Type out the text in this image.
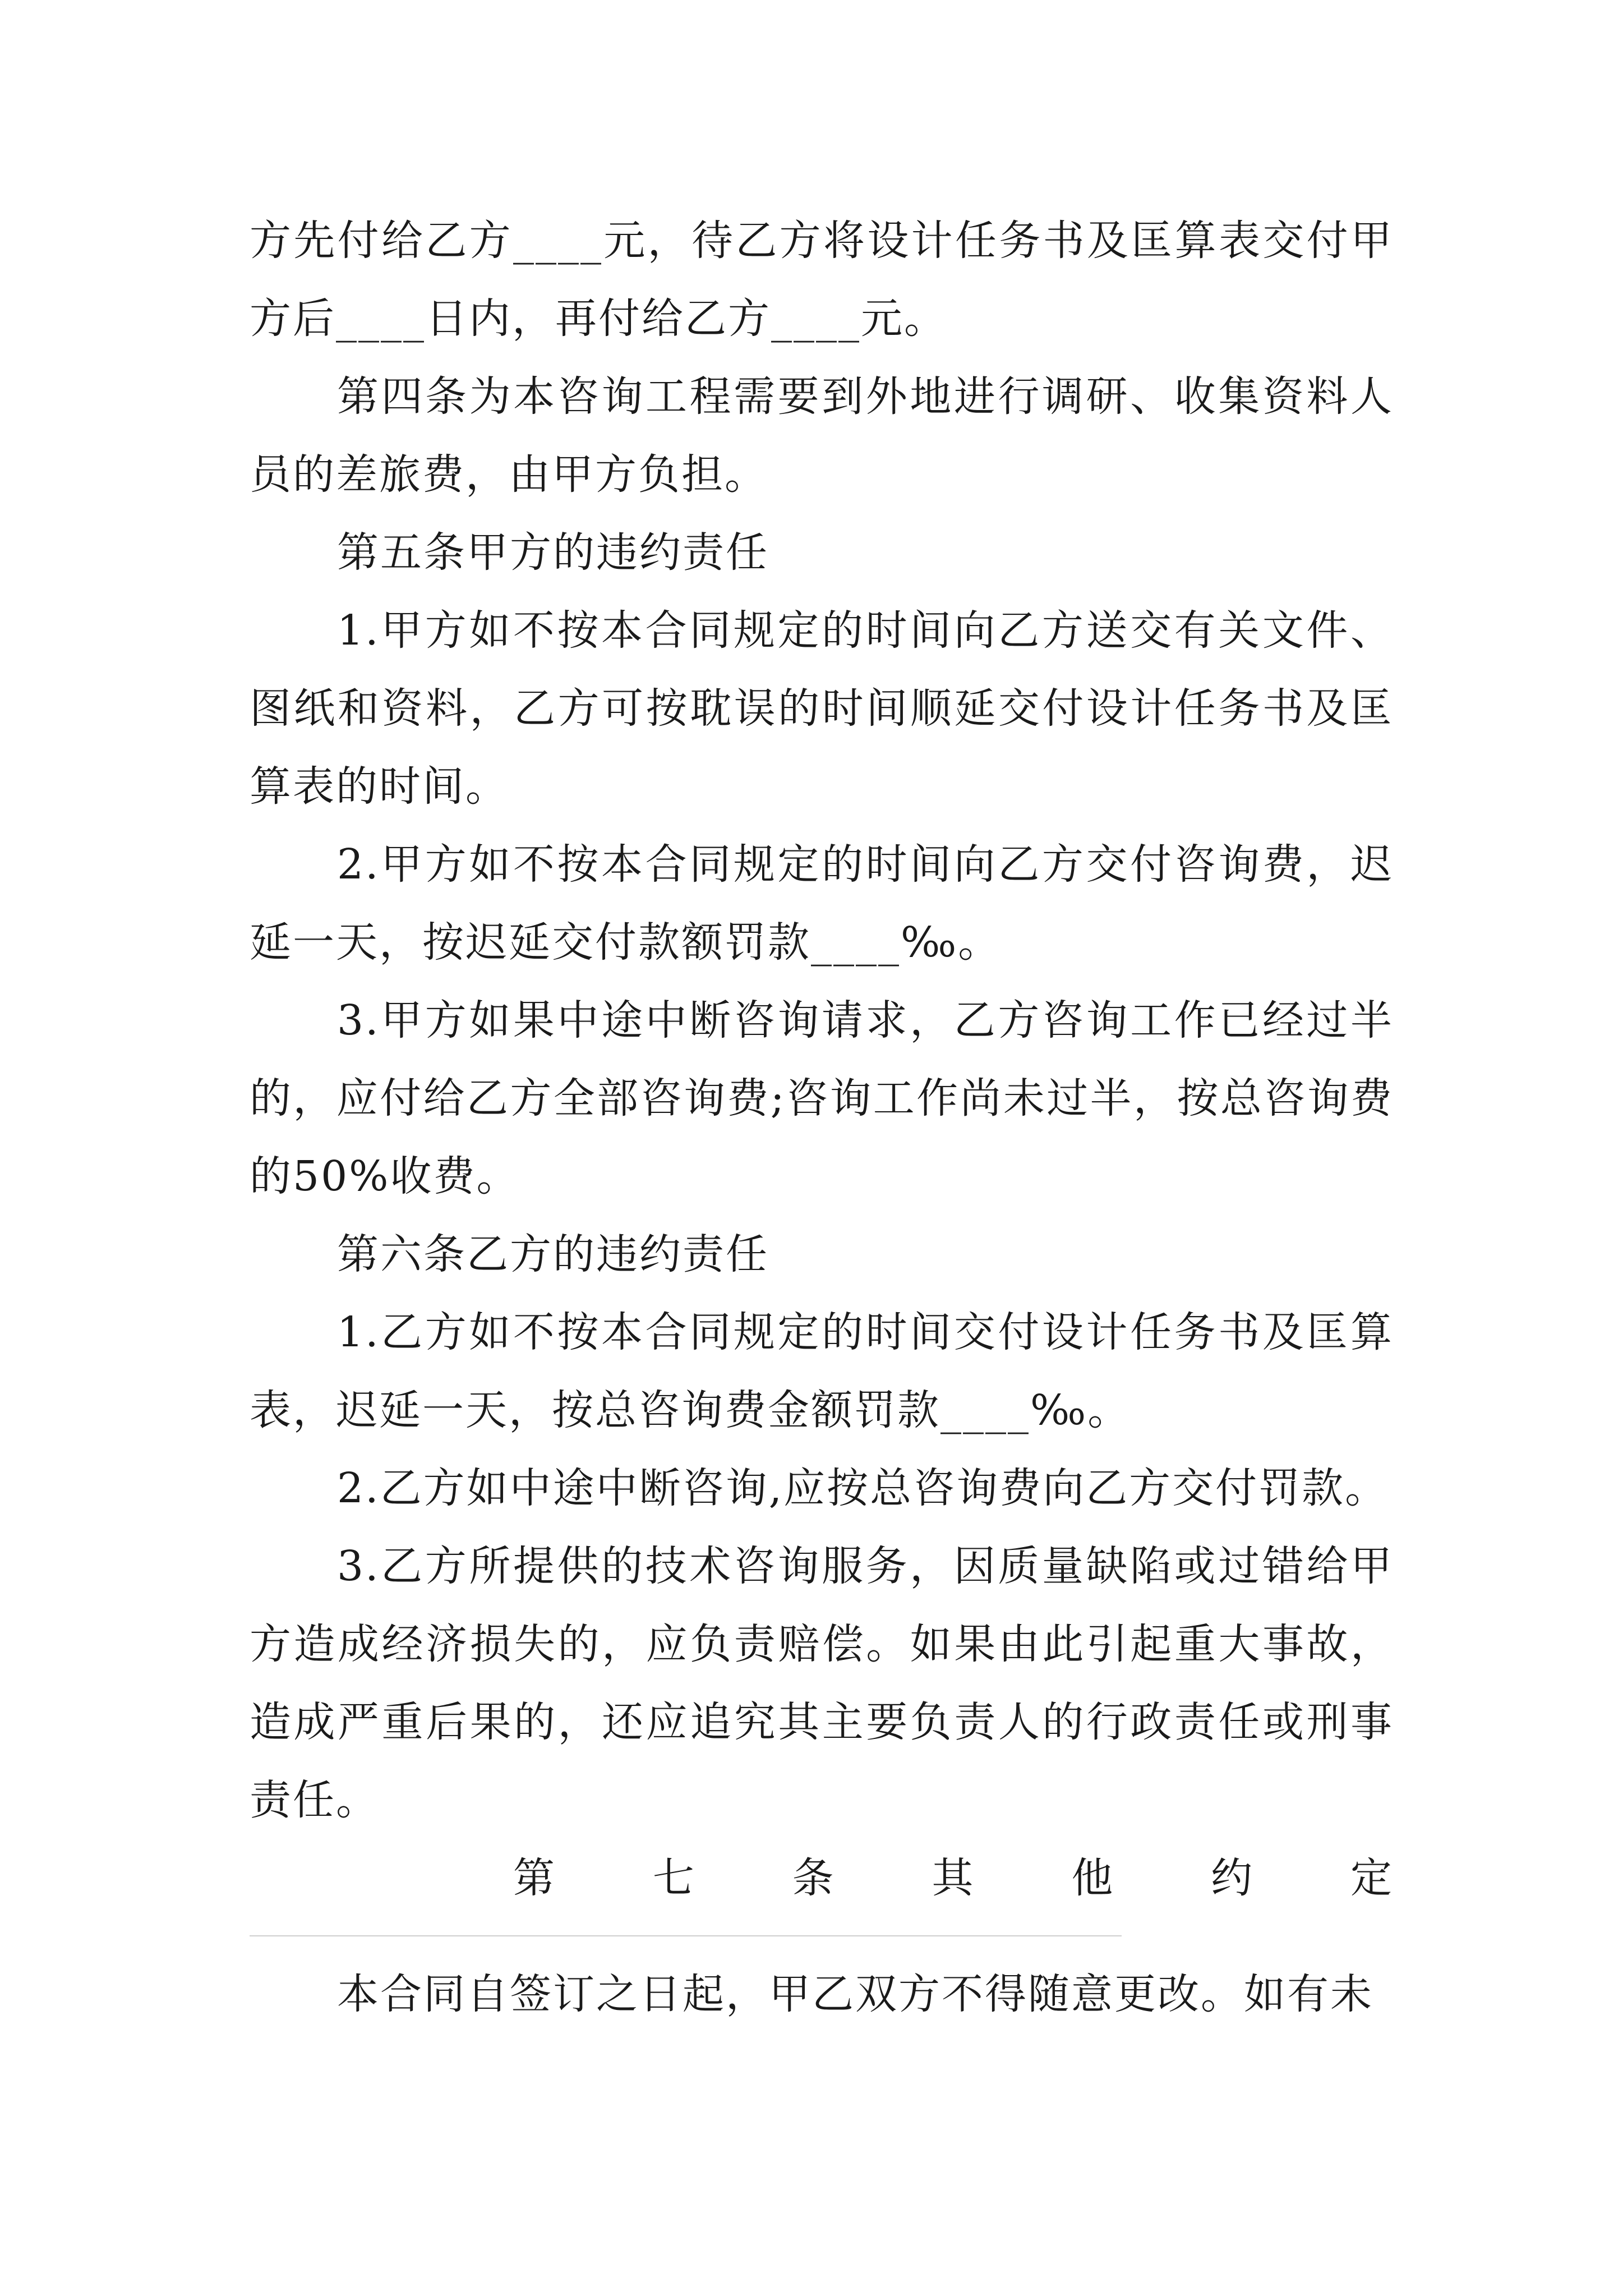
方先付给乙方____元，待乙方将设计任务书及匡算表交付甲方后____日内，再付给乙方____元。

第四条为本咨询工程需要到外地进行调研、收集资料人员的差旅费，由甲方负担。

第五条甲方的违约责任

1.甲方如不按本合同规定的时间向乙方送交有关文件、图纸和资料，乙方可按耽误的时间顺延交付设计任务书及匡算表的时间。

2.甲方如不按本合同规定的时间向乙方交付咨询费，迟延一天，按迟延交付款额罚款____‰。

3.甲方如果中途中断咨询请求，乙方咨询工作已经过半的，应付给乙方全部咨询费;咨询工作尚未过半，按总咨询费的50%收费。

第六条乙方的违约责任

1.乙方如不按本合同规定的时间交付设计任务书及匡算表，迟延一天，按总咨询费金额罚款____‰。

2.乙方如中途中断咨询,应按总咨询费向乙方交付罚款。

3.乙方所提供的技术咨询服务，因质量缺陷或过错给甲方造成经济损失的，应负责赔偿。如果由此引起重大事故，造成严重后果的，还应追究其主要负责人的行政责任或刑事责任。

第七条其他约定

本合同自签订之日起，甲乙双方不得随意更改。如有未
